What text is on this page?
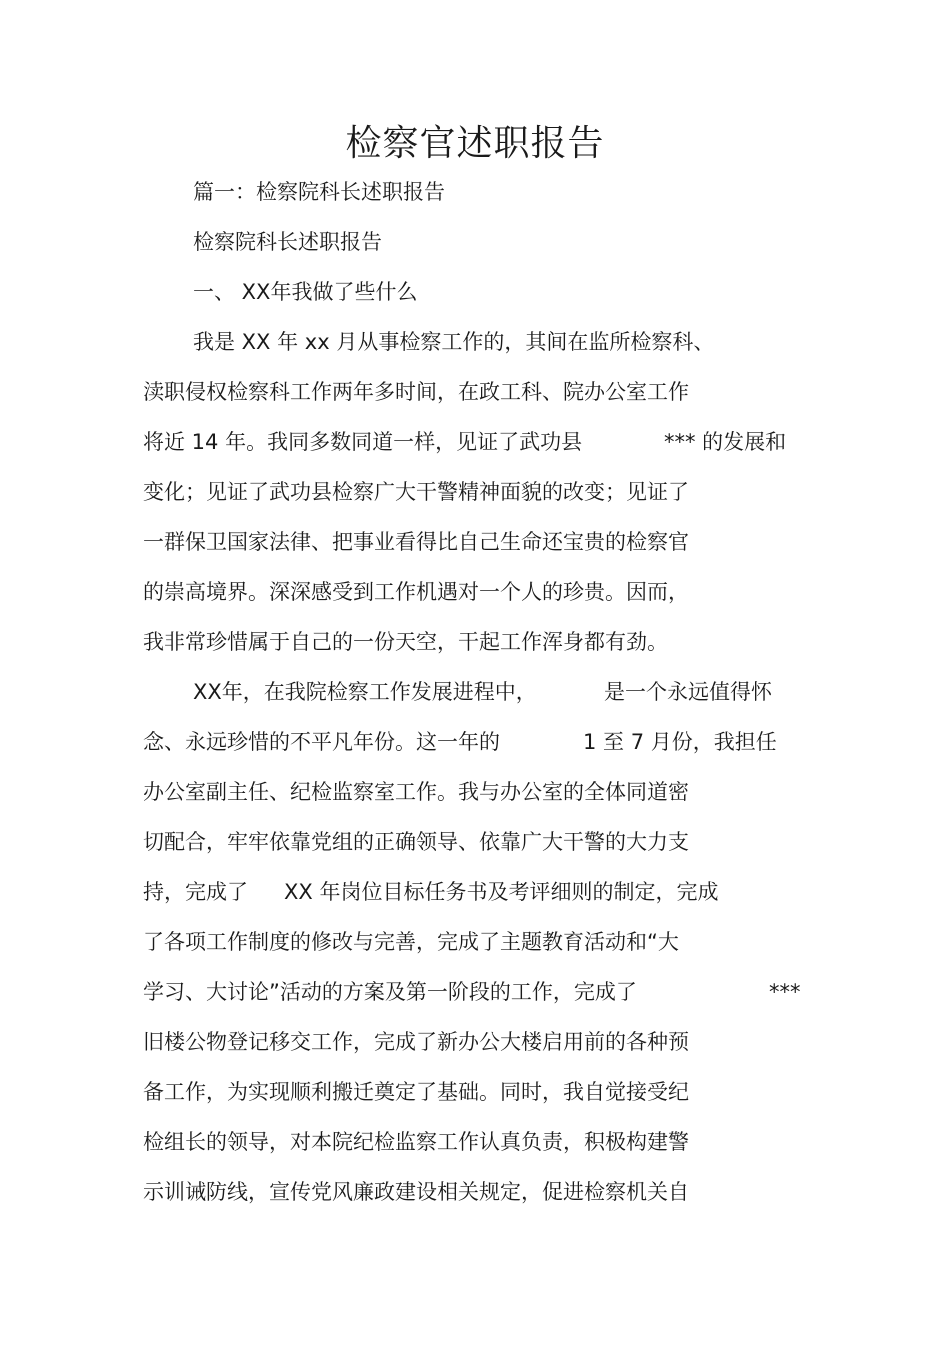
检察官述职报告
篇一：检察院科长述职报告
检察院科长述职报告
一、 XX年我做了些什么
我是 XX 年 xx 月从事检察工作的，其间在监所检察科、
渎职侵权检察科工作两年多时间，在政工科、院办公室工作
将近 14 年。我同多数同道一样，见证了武功县	*** 的发展和
变化；见证了武功县检察广大干警精神面貌的改变；见证了
一群保卫国家法律、把事业看得比自己生命还宝贵的检察官
的崇高境界。深深感受到工作机遇对一个人的珍贵。因而，
我非常珍惜属于自己的一份天空，干起工作浑身都有劲。
XX年，在我院检察工作发展进程中，	是一个永远值得怀
念、永远珍惜的不平凡年份。这一年的	1 至 7 月份，我担任
办公室副主任、纪检监察室工作。我与办公室的全体同道密
切配合，牢牢依靠党组的正确领导、依靠广大干警的大力支
持，完成了 XX 年岗位目标任务书及考评细则的制定，完成
了各项工作制度的修改与完善，完成了主题教育活动和“大
学习、大讨论”活动的方案及第一阶段的工作，完成了	***
旧楼公物登记移交工作，完成了新办公大楼启用前的各种预
备工作，为实现顺利搬迁奠定了基础。同时，我自觉接受纪
检组长的领导，对本院纪检监察工作认真负责，积极构建警
示训诫防线，宣传党风廉政建设相关规定，促进检察机关自
